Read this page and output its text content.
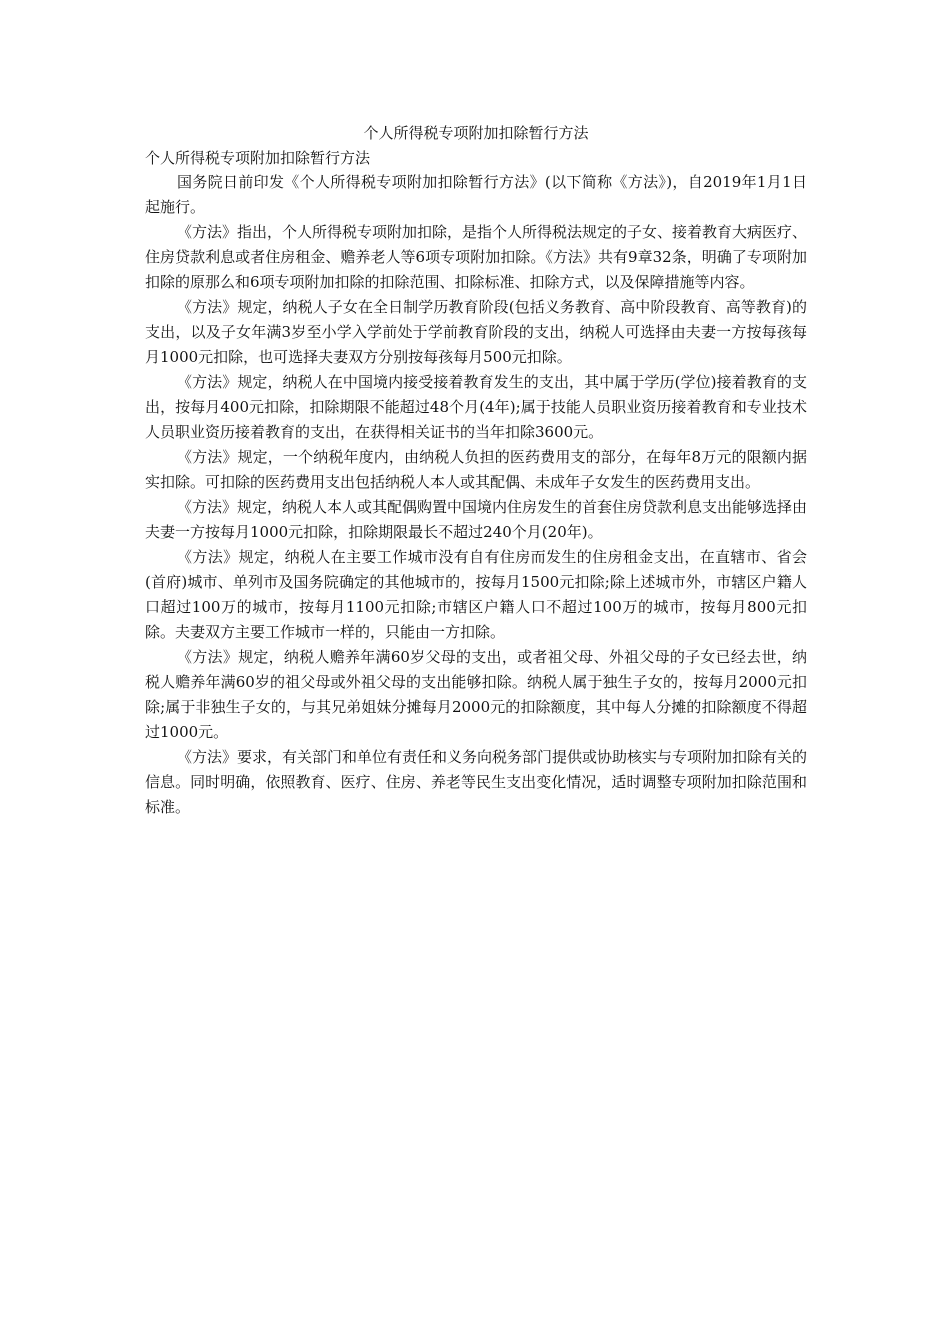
个人所得税专项附加扣除暂行方法
个人所得税专项附加扣除暂行方法

国务院日前印发《个人所得税专项附加扣除暂行方法》(以下简称《方法》)，自2019年1月1日起施行。

《方法》指出，个人所得税专项附加扣除，是指个人所得税法规定的子女、接着教育大病医疗、住房贷款利息或者住房租金、赡养老人等6项专项附加扣除。《方法》共有9章32条，明确了专项附加扣除的原那么和6项专项附加扣除的扣除范围、扣除标准、扣除方式，以及保障措施等内容。

《方法》规定，纳税人子女在全日制学历教育阶段(包括义务教育、高中阶段教育、高等教育)的支出，以及子女年满3岁至小学入学前处于学前教育阶段的支出，纳税人可选择由夫妻一方按每孩每月1000元扣除，也可选择夫妻双方分别按每孩每月500元扣除。

《方法》规定，纳税人在中国境内接受接着教育发生的支出，其中属于学历(学位)接着教育的支出，按每月400元扣除，扣除期限不能超过48个月(4年);属于技能人员职业资历接着教育和专业技术人员职业资历接着教育的支出，在获得相关证书的当年扣除3600元。

《方法》规定，一个纳税年度内，由纳税人负担的医药费用支的部分，在每年8万元的限额内据实扣除。可扣除的医药费用支出包括纳税人本人或其配偶、未成年子女发生的医药费用支出。

《方法》规定，纳税人本人或其配偶购置中国境内住房发生的首套住房贷款利息支出能够选择由夫妻一方按每月1000元扣除，扣除期限最长不超过240个月(20年)。

《方法》规定，纳税人在主要工作城市没有自有住房而发生的住房租金支出，在直辖市、省会(首府)城市、单列市及国务院确定的其他城市的，按每月1500元扣除;除上述城市外，市辖区户籍人口超过100万的城市，按每月1100元扣除;市辖区户籍人口不超过100万的城市，按每月800元扣除。夫妻双方主要工作城市一样的，只能由一方扣除。

《方法》规定，纳税人赡养年满60岁父母的支出，或者祖父母、外祖父母的子女已经去世，纳税人赡养年满60岁的祖父母或外祖父母的支出能够扣除。纳税人属于独生子女的，按每月2000元扣除;属于非独生子女的，与其兄弟姐妹分摊每月2000元的扣除额度，其中每人分摊的扣除额度不得超过1000元。

《方法》要求，有关部门和单位有责任和义务向税务部门提供或协助核实与专项附加扣除有关的信息。同时明确，依照教育、医疗、住房、养老等民生支出变化情况，适时调整专项附加扣除范围和标准。
